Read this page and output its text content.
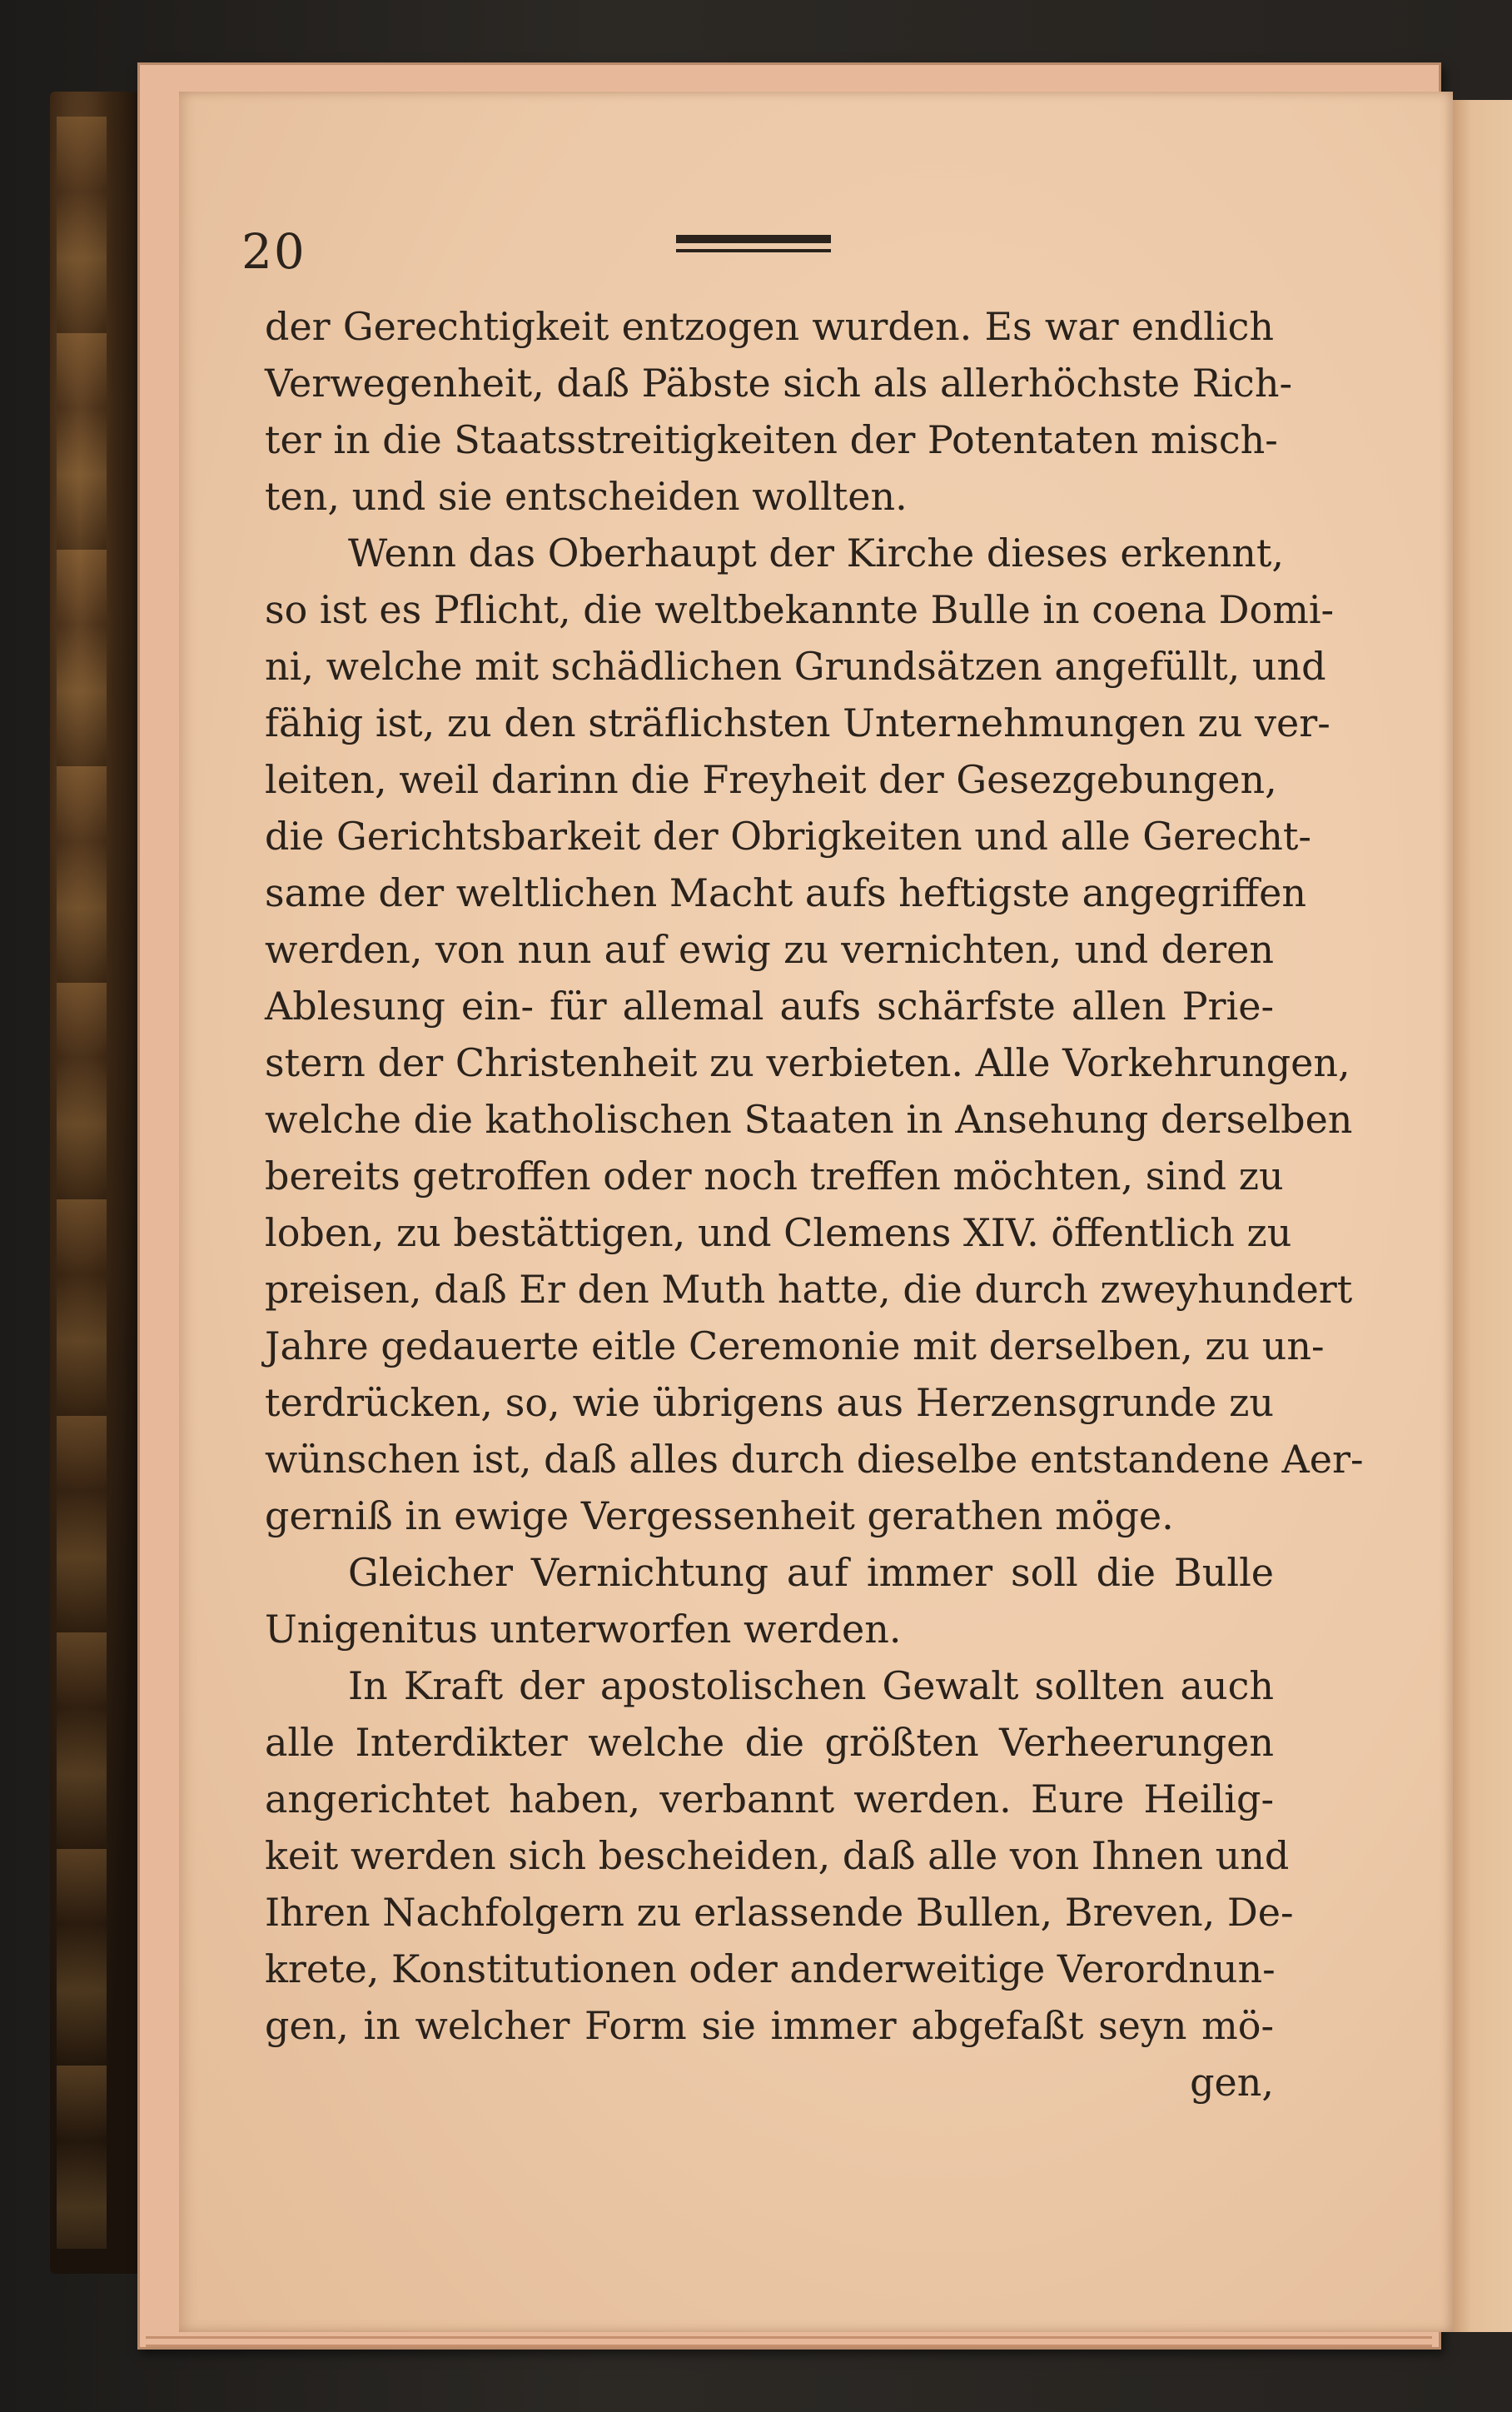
20
der Gerechtigkeit entzogen wurden. Es war endlich
Verwegenheit, daß Päbste sich als allerhöchste Rich-
ter in die Staatsstreitigkeiten der Potentaten misch-
ten, und sie entscheiden wollten.
Wenn das Oberhaupt der Kirche dieses erkennt,
so ist es Pflicht, die weltbekannte Bulle in coena Domi-
ni, welche mit schädlichen Grundsätzen angefüllt, und
fähig ist, zu den sträflichsten Unternehmungen zu ver-
leiten, weil darinn die Freyheit der Gesezgebungen,
die Gerichtsbarkeit der Obrigkeiten und alle Gerecht-
same der weltlichen Macht aufs heftigste angegriffen
werden, von nun auf ewig zu vernichten, und deren
Ablesung ein- für allemal aufs schärfste allen Prie-
stern der Christenheit zu verbieten. Alle Vorkehrungen,
welche die katholischen Staaten in Ansehung derselben
bereits getroffen oder noch treffen möchten, sind zu
loben, zu bestättigen, und Clemens XIV. öffentlich zu
preisen, daß Er den Muth hatte, die durch zweyhundert
Jahre gedauerte eitle Ceremonie mit derselben, zu un-
terdrücken, so, wie übrigens aus Herzensgrunde zu
wünschen ist, daß alles durch dieselbe entstandene Aer-
gerniß in ewige Vergessenheit gerathen möge.
Gleicher Vernichtung auf immer soll die Bulle
Unigenitus unterworfen werden.
In Kraft der apostolischen Gewalt sollten auch
alle Interdikter welche die größten Verheerungen
angerichtet haben, verbannt werden. Eure Heilig-
keit werden sich bescheiden, daß alle von Ihnen und
Ihren Nachfolgern zu erlassende Bullen, Breven, De-
krete, Konstitutionen oder anderweitige Verordnun-
gen, in welcher Form sie immer abgefaßt seyn mö-
gen,
